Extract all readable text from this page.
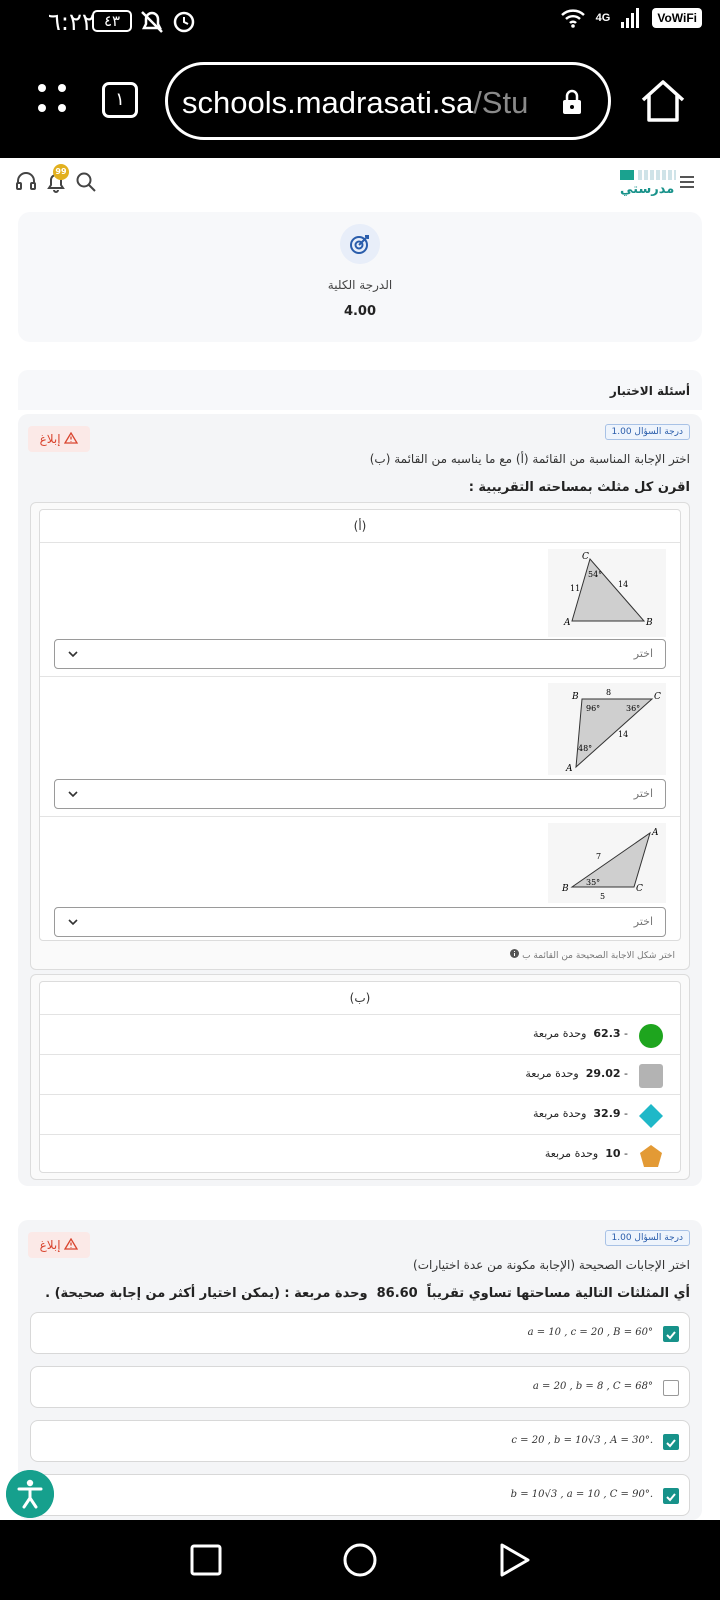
٦:٢٢ ٤٣	4G	VoWiFi
١	schools.madrasati.sa/Stu
99
مدرستي
الدرجة الكلية
4.00
أسئلة الاختبار
درجة السؤال 1.00
إبلاغ
اختر الإجابة المناسبة من القائمة (أ) مع ما يناسبه من القائمة (ب)
اقرن كل مثلث بمساحته التقريبية :
(أ)
C
A	B
54°
11	14
اختر
B	C
A
8
96°	36°
14
48°
اختر
A
B	C
7
35°
5
اختر
اختر شكل الاجابة الصحيحة من القائمة ب
(ب)
- 62.3  وحدة مربعة
- 29.02  وحدة مربعة
- 32.9  وحدة مربعة
- 10  وحدة مربعة
درجة السؤال 1.00
إبلاغ
اختر الإجابات الصحيحة (الإجابة مكونة من عدة اختيارات)
أي المثلثات التالية مساحتها تساوي تقريباً  86.60  وحدة مربعة : (يمكن اختيار أكثر من إجابة صحيحة) .
a = 10 , c = 20 , B = 60°
a = 20 , b = 8 , C = 68°
c = 20 , b = 10√3 , A = 30°.
b = 10√3 , a = 10 , C = 90°.
